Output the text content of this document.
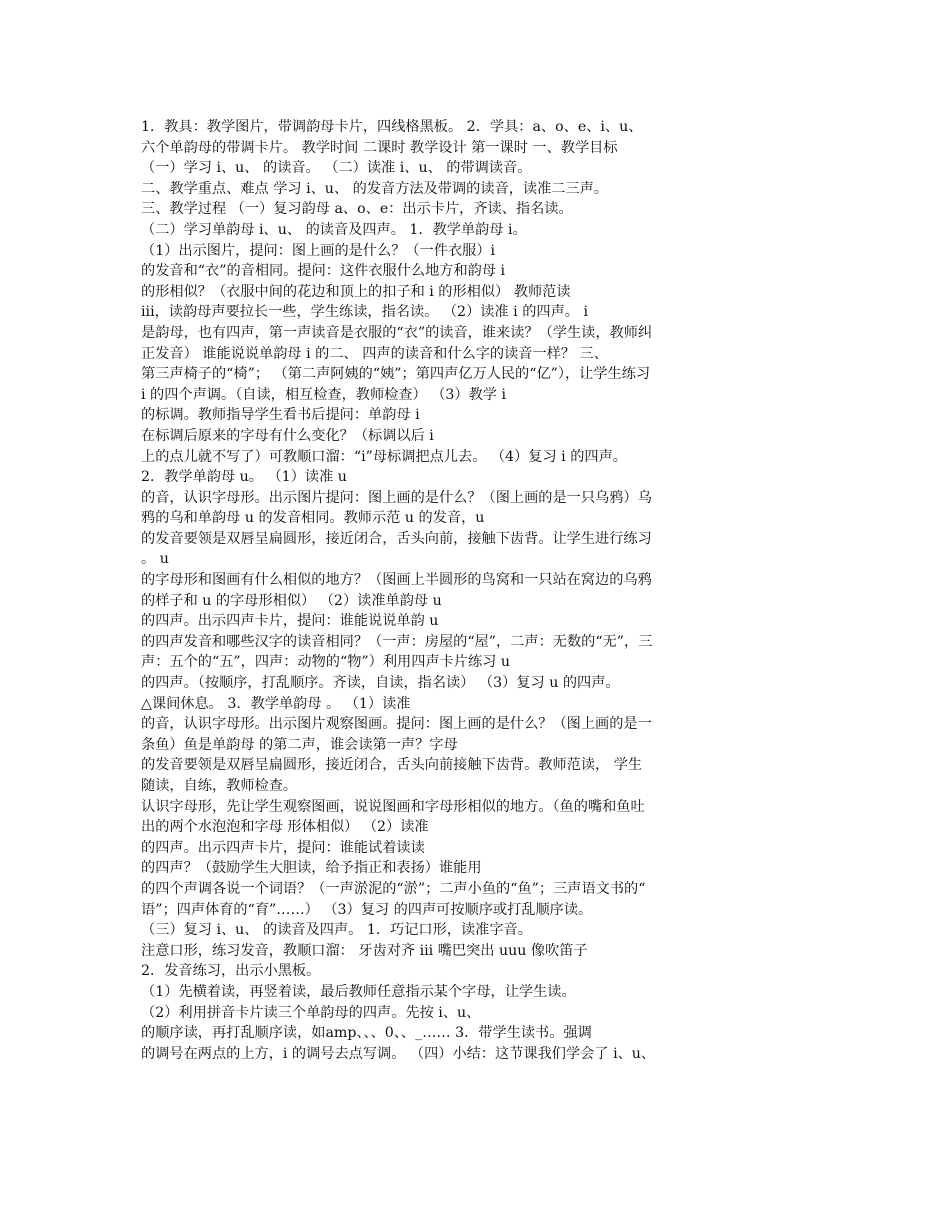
1．教具：教学图片，带调韵母卡片，四线格黑板。 2．学具：a、o、e、i、u、
六个单韵母的带调卡片。 教学时间 二课时 教学设计 第一课时 一、教学目标
（一）学习 i、u、 的读音。 （二）读准 i、u、 的带调读音。
二、教学重点、难点 学习 i、u、 的发音方法及带调的读音，读准二三声。
三、教学过程 （一）复习韵母 a、o、e：出示卡片，齐读、指名读。
（二）学习单韵母 i、u、 的读音及四声。 1．教学单韵母 i。
（1）出示图片，提问：图上画的是什么？（一件衣服）i
的发音和“衣”的音相同。提问：这件衣服什么地方和韵母 i
的形相似？（衣服中间的花边和顶上的扣子和 i 的形相似） 教师范读
iii，读韵母声要拉长一些，学生练读，指名读。 （2）读准 i 的四声。 i
是韵母，也有四声，第一声读音是衣服的“衣”的读音，谁来读？（学生读，教师纠
正发音） 谁能说说单韵母 i 的二、 四声的读音和什么字的读音一样？ 三、
第三声椅子的“椅”； （第二声阿姨的“姨”；第四声亿万人民的“亿”），让学生练习
i 的四个声调。（自读，相互检查，教师检查） （3）教学 i
的标调。教师指导学生看书后提问：单韵母 i
在标调后原来的字母有什么变化？（标调以后 i
上的点儿就不写了）可教顺口溜：“i”母标调把点儿去。 （4）复习 i 的四声。
2．教学单韵母 u。 （1）读准 u
的音，认识字母形。出示图片提问：图上画的是什么？（图上画的是一只乌鸦）乌
鸦的乌和单韵母 u 的发音相同。教师示范 u 的发音，u
的发音要领是双唇呈扁圆形，接近闭合，舌头向前，接触下齿背。让学生进行练习
。 u
的字母形和图画有什么相似的地方？（图画上半圆形的鸟窝和一只站在窝边的乌鸦
的样子和 u 的字母形相似） （2）读准单韵母 u
的四声。出示四声卡片，提问：谁能说说单韵 u
的四声发音和哪些汉字的读音相同？（一声：房屋的“屋”，二声：无数的“无”，三
声：五个的“五”，四声：动物的“物”）利用四声卡片练习 u
的四声。（按顺序，打乱顺序。齐读，自读，指名读） （3）复习 u 的四声。
△课间休息。 3．教学单韵母 。 （1）读准
的音，认识字母形。出示图片观察图画。提问：图上画的是什么？（图上画的是一
条鱼）鱼是单韵母 的第二声，谁会读第一声？字母
的发音要领是双唇呈扁圆形，接近闭合，舌头向前接触下齿背。教师范读， 学生
随读，自练，教师检查。
认识字母形，先让学生观察图画，说说图画和字母形相似的地方。（鱼的嘴和鱼吐
出的两个水泡泡和字母 形体相似） （2）读准
的四声。出示四声卡片，提问：谁能试着读读
的四声？（鼓励学生大胆读，给予指正和表扬）谁能用
的四个声调各说一个词语？（一声淤泥的“淤”；二声小鱼的“鱼”；三声语文书的“
语”；四声体育的“育”……） （3）复习 的四声可按顺序或打乱顺序读。
（三）复习 i、u、 的读音及四声。 1．巧记口形，读准字音。
注意口形，练习发音，教顺口溜： 牙齿对齐 iii 嘴巴突出 uuu 像吹笛子
2．发音练习，出示小黑板。
（1）先横着读，再竖着读，最后教师任意指示某个字母，让学生读。
（2）利用拼音卡片读三个单韵母的四声。先按 i、u、
的顺序读，再打乱顺序读，如amp、、、0、、_…… 3．带学生读书。强调
的调号在两点的上方，i 的调号去点写调。 （四）小结：这节课我们学会了 i、u、
